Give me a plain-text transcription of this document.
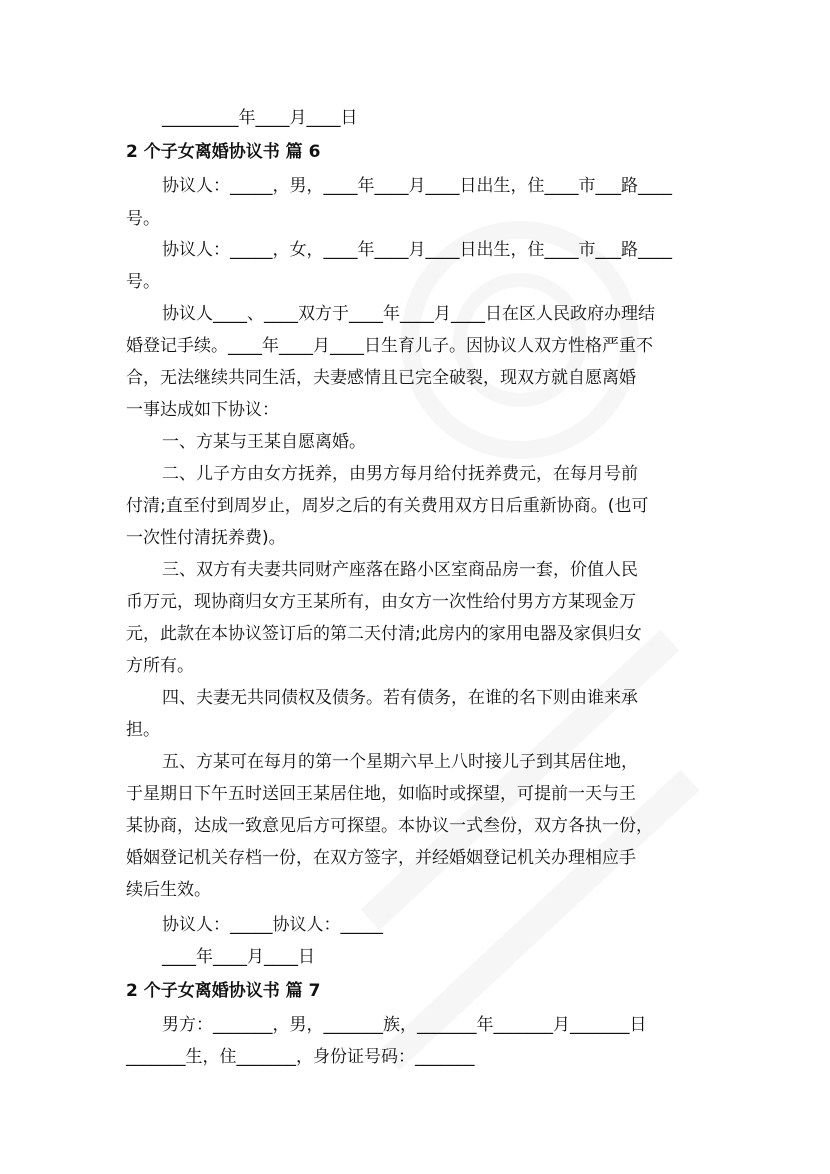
_________年____月____日
2 个子女离婚协议书 篇 6
协议人：_____，男，____年____月____日出生，住____市___路____
号。
协议人：_____，女，____年____月____日出生，住____市___路____
号。
协议人____、____双方于____年____月____日在区人民政府办理结
婚登记手续。____年____月____日生育儿子。因协议人双方性格严重不
合，无法继续共同生活，夫妻感情且已完全破裂，现双方就自愿离婚
一事达成如下协议：
一、方某与王某自愿离婚。
二、儿子方由女方抚养，由男方每月给付抚养费元，在每月号前
付清;直至付到周岁止，周岁之后的有关费用双方日后重新协商。(也可
一次性付清抚养费)。
三、双方有夫妻共同财产座落在路小区室商品房一套，价值人民
币万元，现协商归女方王某所有，由女方一次性给付男方方某现金万
元，此款在本协议签订后的第二天付清;此房内的家用电器及家俱归女
方所有。
四、夫妻无共同债权及债务。若有债务，在谁的名下则由谁来承
担。
五、方某可在每月的第一个星期六早上八时接儿子到其居住地，
于星期日下午五时送回王某居住地，如临时或探望，可提前一天与王
某协商，达成一致意见后方可探望。本协议一式叁份，双方各执一份，
婚姻登记机关存档一份，在双方签字，并经婚姻登记机关办理相应手
续后生效。
协议人：_____协议人：_____
____年____月____日
2 个子女离婚协议书 篇 7
男方：_______，男，_______族，_______年_______月_______日
_______生，住_______，身份证号码：_______
